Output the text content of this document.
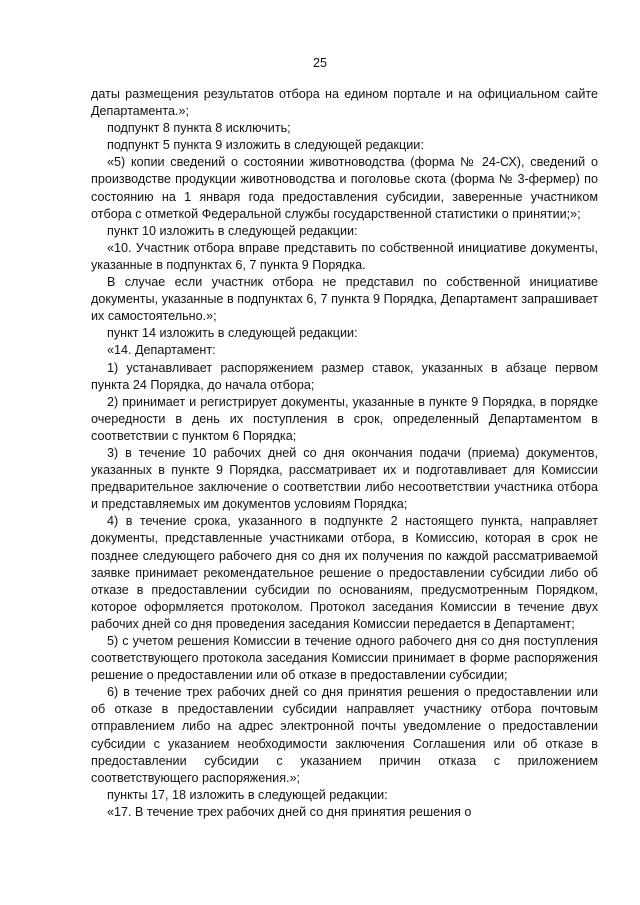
25

даты размещения результатов отбора на едином портале и на официальном сайте Департамента.»;

подпункт 8 пункта 8 исключить;

подпункт 5 пункта 9 изложить в следующей редакции:

«5) копии сведений о состоянии животноводства (форма № 24-СХ), сведений о производстве продукции животноводства и поголовье скота (форма № 3-фермер) по состоянию на 1 января года предоставления субсидии, заверенные участником отбора с отметкой Федеральной службы государственной статистики о принятии;»;

пункт 10 изложить в следующей редакции:

«10. Участник отбора вправе представить по собственной инициативе документы, указанные в подпунктах 6, 7 пункта 9 Порядка.

В случае если участник отбора не представил по собственной инициативе документы, указанные в подпунктах 6, 7 пункта 9 Порядка, Департамент запрашивает их самостоятельно.»;

пункт 14 изложить в следующей редакции:

«14. Департамент:

1) устанавливает распоряжением размер ставок, указанных в абзаце первом пункта 24 Порядка, до начала отбора;

2) принимает и регистрирует документы, указанные в пункте 9 Порядка, в порядке очередности в день их поступления в срок, определенный Департаментом в соответствии с пунктом 6 Порядка;

3) в течение 10 рабочих дней со дня окончания подачи (приема) документов, указанных в пункте 9 Порядка, рассматривает их и подготавливает для Комиссии предварительное заключение о соответствии либо несоответствии участника отбора и представляемых им документов условиям Порядка;

4) в течение срока, указанного в подпункте 2 настоящего пункта, направляет документы, представленные участниками отбора, в Комиссию, которая в срок не позднее следующего рабочего дня со дня их получения по каждой рассматриваемой заявке принимает рекомендательное решение о предоставлении субсидии либо об отказе в предоставлении субсидии по основаниям, предусмотренным Порядком, которое оформляется протоколом. Протокол заседания Комиссии в течение двух рабочих дней со дня проведения заседания Комиссии передается в Департамент;

5) с учетом решения Комиссии в течение одного рабочего дня со дня поступления соответствующего протокола заседания Комиссии принимает в форме распоряжения решение о предоставлении или об отказе в предоставлении субсидии;

6) в течение трех рабочих дней со дня принятия решения о предоставлении или об отказе в предоставлении субсидии направляет участнику отбора почтовым отправлением либо на адрес электронной почты уведомление о предоставлении субсидии с указанием необходимости заключения Соглашения или об отказе в предоставлении субсидии с указанием причин отказа с приложением соответствующего распоряжения.»;

пункты 17, 18 изложить в следующей редакции:

«17. В течение трех рабочих дней со дня принятия решения о
